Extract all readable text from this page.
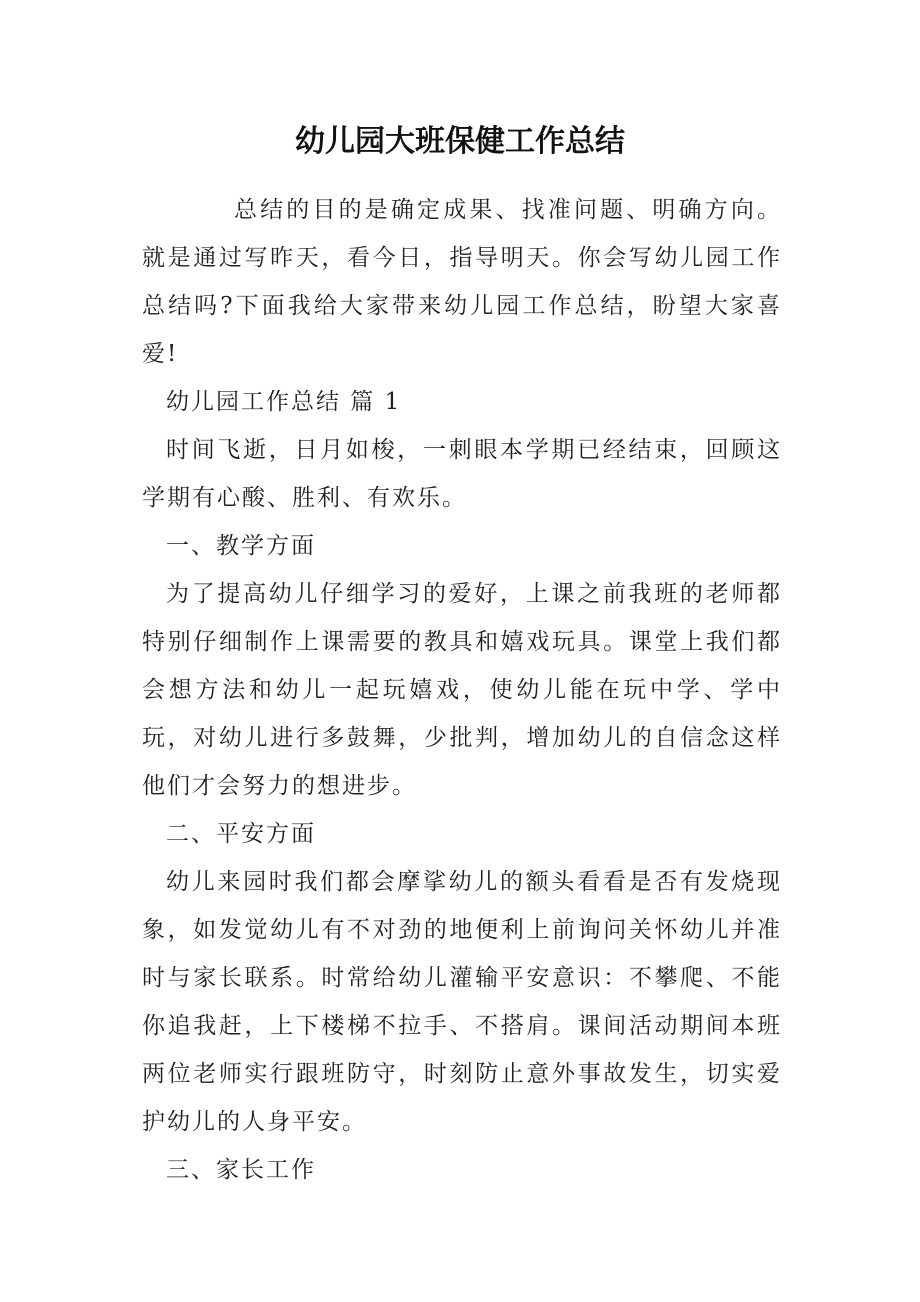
幼儿园大班保健工作总结

总结的目的是确定成果、找准问题、明确方向。就是通过写昨天，看今日，指导明天。你会写幼儿园工作总结吗?下面我给大家带来幼儿园工作总结，盼望大家喜爱!

幼儿园工作总结 篇 1

时间飞逝，日月如梭，一刺眼本学期已经结束，回顾这学期有心酸、胜利、有欢乐。

一、教学方面

为了提高幼儿仔细学习的爱好，上课之前我班的老师都特别仔细制作上课需要的教具和嬉戏玩具。课堂上我们都会想方法和幼儿一起玩嬉戏，使幼儿能在玩中学、学中玩，对幼儿进行多鼓舞，少批判，增加幼儿的自信念这样他们才会努力的想进步。

二、平安方面

幼儿来园时我们都会摩挲幼儿的额头看看是否有发烧现象，如发觉幼儿有不对劲的地便利上前询问关怀幼儿并准时与家长联系。时常给幼儿灌输平安意识：不攀爬、不能你追我赶，上下楼梯不拉手、不搭肩。课间活动期间本班两位老师实行跟班防守，时刻防止意外事故发生，切实爱护幼儿的人身平安。

三、家长工作
